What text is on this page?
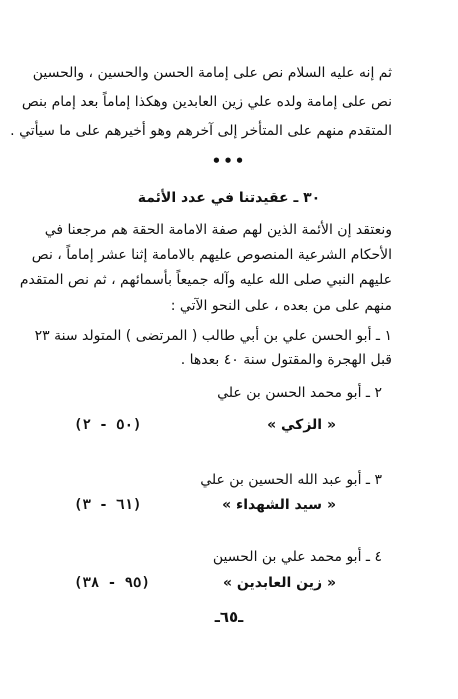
ثم إنه عليه السلام نص على إمامة الحسن والحسين ، والحسين
نص على إمامة ولده علي زين العابدين وهكذا إماماً بعد إمام بنص
المتقدم منهم على المتأخر إلى آخرهم وهو أخيرهم على ما سيأتي .
•••
٣٠ ـ عقيدتنا في عدد الأئمة
ونعتقد إن الأئمة الذين لهم صفة الامامة الحقة هم مرجعنا في
الأحكام الشرعية المنصوص عليهم بالامامة إثنا عشر إماماً ، نص
عليهم النبي صلى الله عليه وآله جميعاً بأسمائهم ، ثم نص المتقدم
منهم على من بعده ، على النحو الآتي :
١ ـ أبو الحسن علي بن أبي طالب ( المرتضى ) المتولد سنة ٢٣
قبل الهجرة والمقتول سنة ٤٠ بعدها .
٢ ـ أبو محمد الحسن بن علي
« الزكي »
(٥٠ - ٢)
٣ ـ أبو عبد الله الحسين بن علي
« سيد الشهداء »
(٦١ - ٣)
٤ ـ أبو محمد علي بن الحسين
« زين العابدين »
(٩٥ - ٣٨)
ـ٦٥ـ
